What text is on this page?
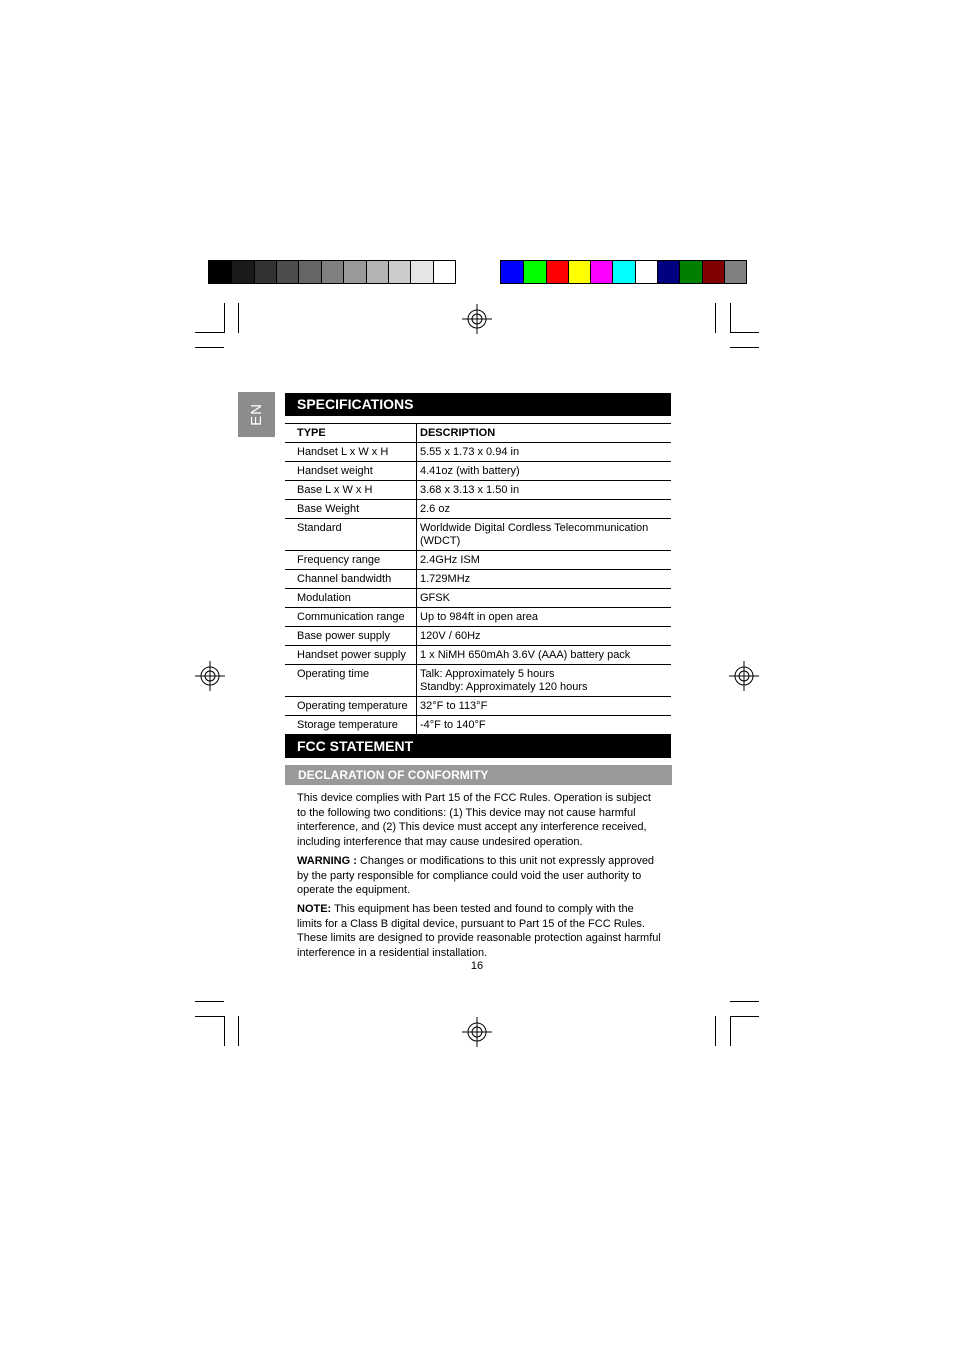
EN	SPECIFICATIONS
TYPE	DESCRIPTION
Handset L x W x H	5.55 x 1.73 x 0.94 in
Handset weight	4.41oz (with battery)
Base L x W x H	3.68 x 3.13 x 1.50 in
Base Weight	2.6 oz
Standard	Worldwide Digital Cordless Telecommunication (WDCT)
Frequency range	2.4GHz ISM
Channel bandwidth	1.729MHz
Modulation	GFSK
Communication range	Up to 984ft in open area
Base power supply	120V / 60Hz
Handset power supply	1 x NiMH 650mAh 3.6V (AAA) battery pack
Operating time	Talk: Approximately 5 hours
Standby: Approximately 120 hours
Operating temperature	32°F to 113°F
Storage temperature	-4°F to 140°F
FCC STATEMENT
DECLARATION OF CONFORMITY

This device complies with Part 15 of the FCC Rules. Operation is subject to the following two conditions: (1) This device may not cause harmful interference, and (2) This device must accept any interference received, including interference that may cause undesired operation.

WARNING : Changes or modifications to this unit not expressly approved by the party responsible for compliance could void the user authority to operate the equipment.

NOTE: This equipment has been tested and found to comply with the limits for a Class B digital device, pursuant to Part 15 of the FCC Rules. These limits are designed to provide reasonable protection against harmful interference in a residential installation.

16
